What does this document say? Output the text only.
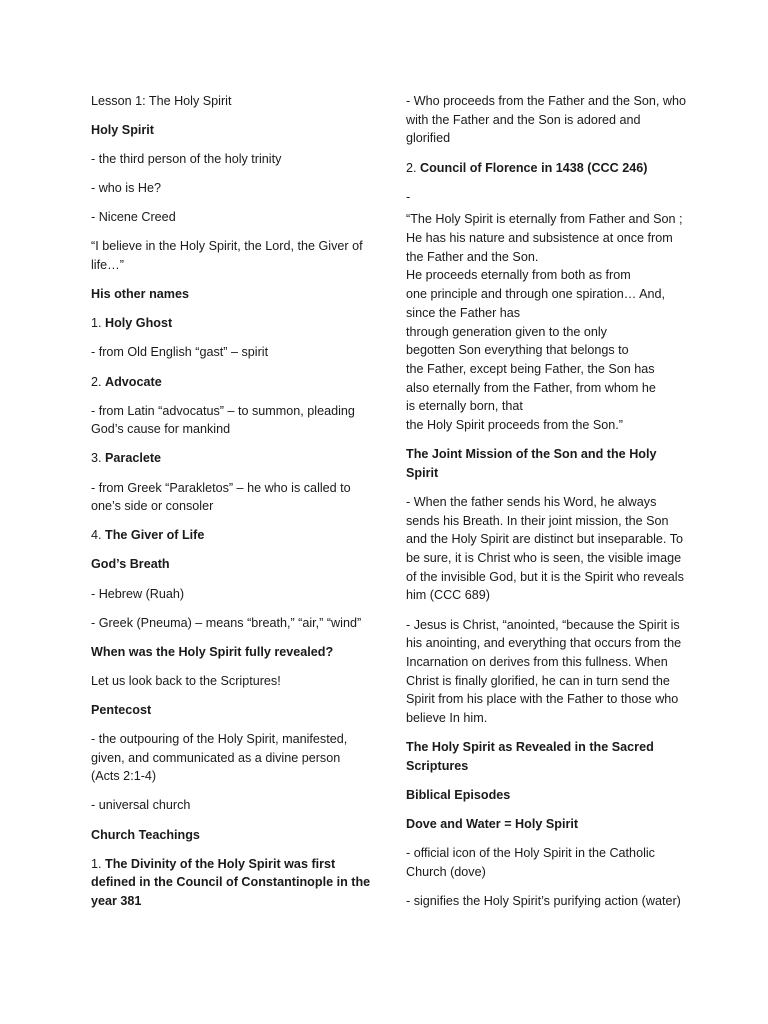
Lesson 1: The Holy Spirit

Holy Spirit

- the third person of the holy trinity

- who is He?

- Nicene Creed

“I believe in the Holy Spirit, the Lord, the Giver of life…”

His other names

1. Holy Ghost

- from Old English “gast” – spirit

2. Advocate

- from Latin “advocatus” – to summon, pleading God’s cause for mankind

3. Paraclete

- from Greek “Parakletos” – he who is called to one’s side or consoler

4. The Giver of Life

God’s Breath

- Hebrew (Ruah)

- Greek (Pneuma) – means “breath,” “air,” “wind”

When was the Holy Spirit fully revealed?

Let us look back to the Scriptures!

Pentecost

- the outpouring of the Holy Spirit, manifested, given, and communicated as a divine person (Acts 2:1-4)

- universal church

Church Teachings

1. The Divinity of the Holy Spirit was first defined in the Council of Constantinople in the year 381

- Who proceeds from the Father and the Son, who with the Father and the Son is adored and glorified

2. Council of Florence in 1438 (CCC 246)

-

“The Holy Spirit is eternally from Father and Son ; He has his nature and subsistence at once from the Father and the Son.

He proceeds eternally from both as from

one principle and through one spiration… And,

since the Father has

through generation given to the only

begotten Son everything that belongs to

the Father, except being Father, the Son has

also eternally from the Father, from whom he

is eternally born, that

the Holy Spirit proceeds from the Son.”

The Joint Mission of the Son and the Holy Spirit

- When the father sends his Word, he always sends his Breath. In their joint mission, the Son and the Holy Spirit are distinct but inseparable. To be sure, it is Christ who is seen, the visible image of the invisible God, but it is the Spirit who reveals him (CCC 689)

- Jesus is Christ, “anointed, “because the Spirit is his anointing, and everything that occurs from the Incarnation on derives from this fullness. When Christ is finally glorified, he can in turn send the Spirit from his place with the Father to those who believe In him.

The Holy Spirit as Revealed in the Sacred Scriptures

Biblical Episodes

Dove and Water = Holy Spirit

- official icon of the Holy Spirit in the Catholic Church (dove)

- signifies the Holy Spirit’s purifying action (water)
